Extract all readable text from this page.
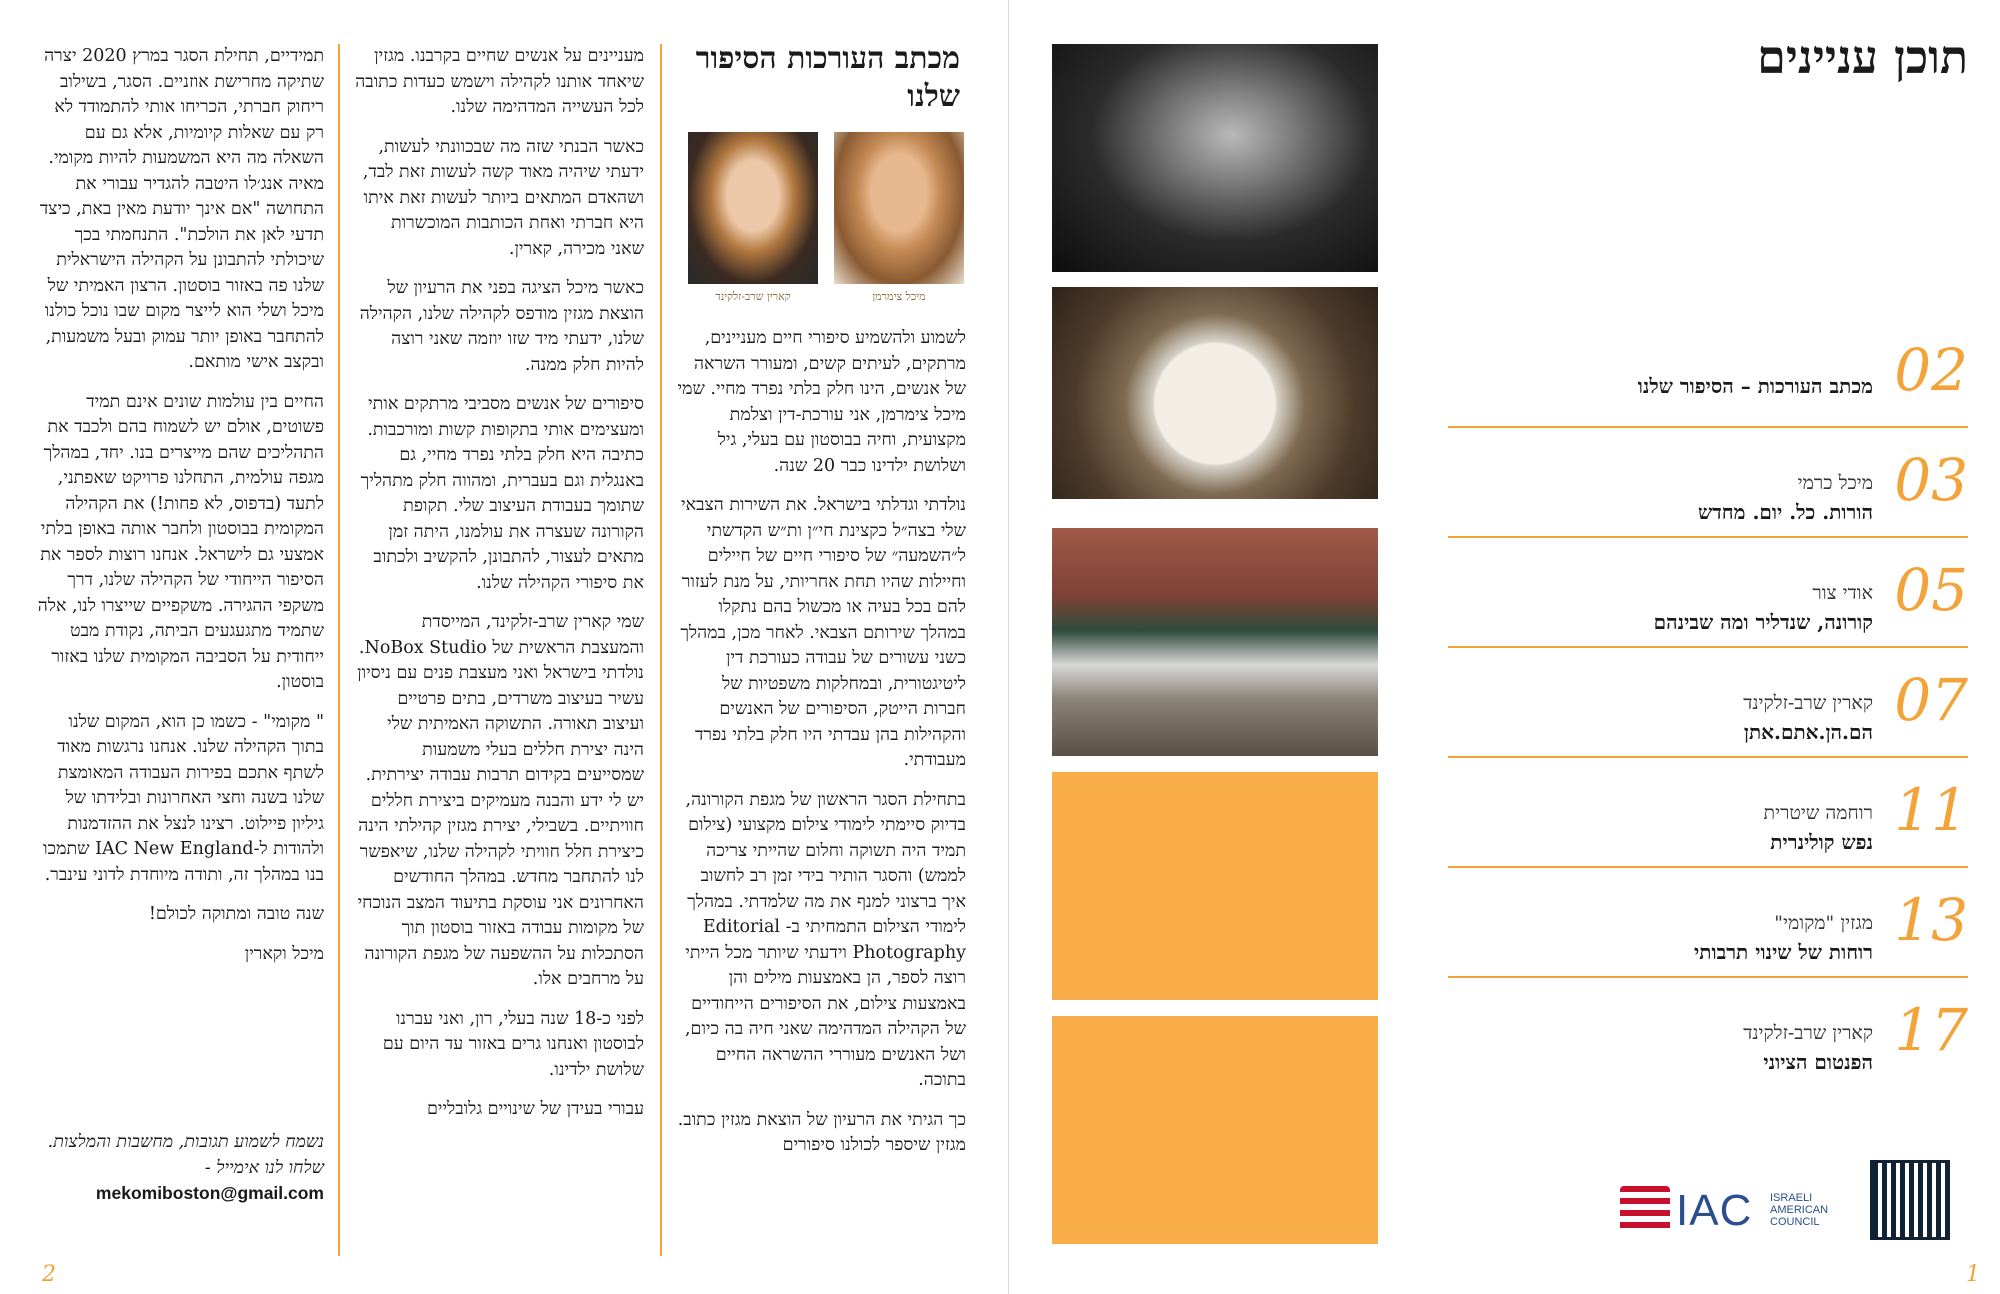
תוכן עניינים
02
מכתב העורכות – הסיפור שלנו
03
מיכל כרמי
הורות. כל. יום. מחדש
05
אודי צור
קורונה, שנדליר ומה שבינהם
07
קארין שרב-זלקינד
הם.הן.אתם.אתן
11
רוחמה שיטרית
נפש קולינרית
13
מגזין "מקומי"
רוחות של שינוי תרבותי
17
קארין שרב-זלקינד
הפנטום הציוני
IAC ISRAELI AMERICAN COUNCIL
1
מכתב העורכות הסיפור שלנו
מיכל צימרמן
קארין שרב-זלקינד

לשמוע ולהשמיע סיפורי חיים מעניינים, מרתקים, לעיתים קשים, ומעורר השראה של אנשים, הינו חלק בלתי נפרד מחיי. שמי מיכל צימרמן, אני עורכת-דין וצלמת מקצועית, וחיה בבוסטון עם בעלי, גיל ושלושת ילדינו כבר 20 שנה.

נולדתי וגדלתי בישראל. את השירות הצבאי שלי בצה״ל כקצינת חי״ן ות״ש הקדשתי ל״השמעה״ של סיפורי חיים של חיילים וחיילות שהיו תחת אחריותי, על מנת לעזור להם בכל בעיה או מכשול בהם נתקלו במהלך שירותם הצבאי. לאחר מכן, במהלך כשני עשורים של עבודה כעורכת דין ליטיגטורית, ובמחלקות משפטיות של חברות הייטק, הסיפורים של האנשים והקהילות בהן עבדתי היו חלק בלתי נפרד מעבודתי.

בתחילת הסגר הראשון של מגפת הקורונה, בדיוק סיימתי לימודי צילום מקצועי (צילום תמיד היה תשוקה וחלום שהייתי צריכה לממש) והסגר הותיר בידי זמן רב לחשוב איך ברצוני למנף את מה שלמדתי. במהלך לימודי הצילום התמחיתי ב- Editorial Photography וידעתי שיותר מכל הייתי רוצה לספר, הן באמצעות מילים והן באמצעות צילום, את הסיפורים הייחודיים של הקהילה המדהימה שאני חיה בה כיום, ושל האנשים מעוררי ההשראה החיים בתוכה.

כך הגיתי את הרעיון של הוצאת מגזין כתוב. מגזין שיספר לכולנו סיפורים

מעניינים על אנשים שחיים בקרבנו. מגזין שיאחד אותנו לקהילה וישמש כעדות כתובה לכל העשייה המדהימה שלנו.

כאשר הבנתי שזה מה שבכוונתי לעשות, ידעתי שיהיה מאוד קשה לעשות זאת לבד, ושהאדם המתאים ביותר לעשות זאת איתו היא חברתי ואחת הכותבות המוכשרות שאני מכירה, קארין.

כאשר מיכל הציגה בפני את הרעיון של הוצאת מגזין מודפס לקהילה שלנו, הקהילה שלנו, ידעתי מיד שזו יוזמה שאני רוצה להיות חלק ממנה.

סיפורים של אנשים מסביבי מרתקים אותי ומעצימים אותי בתקופות קשות ומורכבות. כתיבה היא חלק בלתי נפרד מחיי, גם באנגלית וגם בעברית, ומהווה חלק מתהליך שתומך בעבודת העיצוב שלי. תקופת הקורונה שעצרה את עולמנו, היתה זמן מתאים לעצור, להתבונן, להקשיב ולכתוב את סיפורי הקהילה שלנו.

שמי קארין שרב-זלקינד, המייסדת והמעצבת הראשית של NoBox Studio. נולדתי בישראל ואני מעצבת פנים עם ניסיון עשיר בעיצוב משרדים, בתים פרטיים ועיצוב תאורה. התשוקה האמיתית שלי הינה יצירת חללים בעלי משמעות שמסייעים בקידום תרבות עבודה יצירתית. יש לי ידע והבנה מעמיקים ביצירת חללים חוויתיים. בשבילי, יצירת מגזין קהילתי הינה כיצירת חלל חוויתי לקהילה שלנו, שיאפשר לנו להתחבר מחדש. במהלך החודשים האחרונים אני עוסקת בתיעוד המצב הנוכחי של מקומות עבודה באזור בוסטון תוך הסתכלות על ההשפעה של מגפת הקורונה על מרחבים אלו.

לפני כ-18 שנה בעלי, רון, ואני עברנו לבוסטון ואנחנו גרים באזור עד היום עם שלושת ילדינו.

עבורי בעידן של שינויים גלובליים

תמידיים, תחילת הסגר במרץ 2020 יצרה שתיקה מחרישת אוזניים. הסגר, בשילוב ריחוק חברתי, הכריחו אותי להתמודד לא רק עם שאלות קיומיות, אלא גם עם השאלה מה היא המשמעות להיות מקומי. מאיה אנג׳לו היטבה להגדיר עבורי את התחושה "אם אינך יודעת מאין באת, כיצד תדעי לאן את הולכת". התנחמתי בכך שיכולתי להתבונן על הקהילה הישראלית שלנו פה באזור בוסטון. הרצון האמיתי של מיכל ושלי הוא לייצר מקום שבו נוכל כולנו להתחבר באופן יותר עמוק ובעל משמעות, ובקצב אישי מותאם.

החיים בין עולמות שונים אינם תמיד פשוטים, אולם יש לשמוח בהם ולכבד את התהליכים שהם מייצרים בנו. יחד, במהלך מגפה עולמית, התחלנו פרויקט שאפתני, לתעד (בדפוס, לא פחות!) את הקהילה המקומית בבוסטון ולחבר אותה באופן בלתי אמצעי גם לישראל. אנחנו רוצות לספר את הסיפור הייחודי של הקהילה שלנו, דרך משקפי ההגירה. משקפיים שייצרו לנו, אלה שתמיד מתגעגעים הביתה, נקודת מבט ייחודית על הסביבה המקומית שלנו באזור בוסטון.

" מקומי" - כשמו כן הוא, המקום שלנו בתוך הקהילה שלנו. אנחנו נרגשות מאוד לשתף אתכם בפירות העבודה המאומצת שלנו בשנה וחצי האחרונות ובלידתו של גיליון פיילוט. רצינו לנצל את ההזדמנות ולהודות ל-IAC New England שתמכו בנו במהלך זה, ותודה מיוחדת לדוני עינבר.

שנה טובה ומתוקה לכולם!

מיכל וקארין

נשמח לשמוע תגובות, מחשבות והמלצות. שלחו לנו אימייל -

mekomiboston@gmail.com

2
